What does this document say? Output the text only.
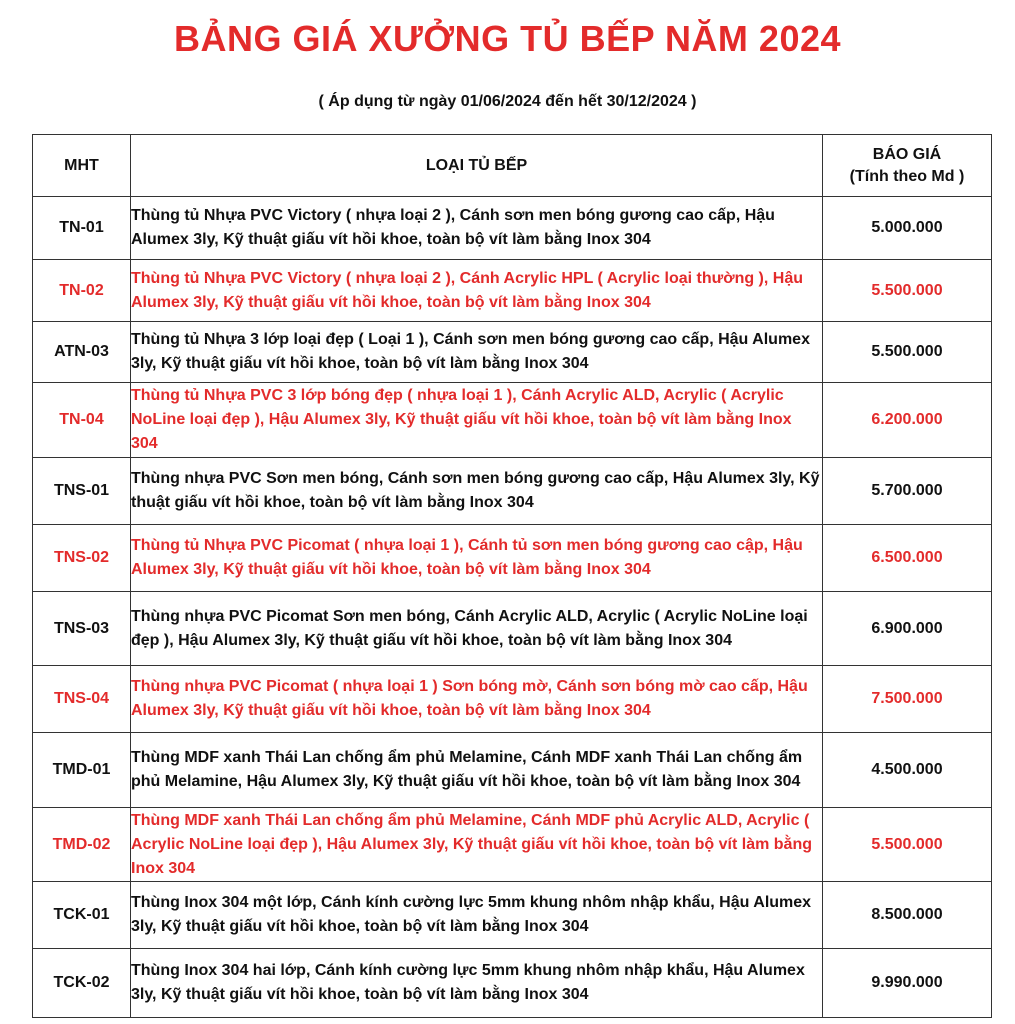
BẢNG GIÁ XƯỞNG TỦ BẾP NĂM 2024
( Áp dụng từ ngày 01/06/2024 đến hết 30/12/2024 )
MHT	LOẠI TỦ BẾP	BÁO GIÁ
(Tính theo Md )

TN-01	Thùng tủ Nhựa PVC Victory ( nhựa loại 2 ), Cánh sơn men bóng gương cao cấp, Hậu Alumex 3ly, Kỹ thuật giấu vít hồi khoe, toàn bộ vít làm bằng Inox 304	5.000.000
TN-02	Thùng tủ Nhựa PVC Victory ( nhựa loại 2 ), Cánh Acrylic HPL ( Acrylic loại thường ), Hậu Alumex 3ly, Kỹ thuật giấu vít hồi khoe, toàn bộ vít làm bằng Inox 304	5.500.000
ATN-03	Thùng tủ Nhựa 3 lớp loại đẹp ( Loại 1 ), Cánh sơn men bóng gương cao cấp, Hậu Alumex 3ly, Kỹ thuật giấu vít hồi khoe, toàn bộ vít làm bằng Inox 304	5.500.000
TN-04	Thùng tủ Nhựa PVC 3 lớp bóng đẹp ( nhựa loại 1 ), Cánh Acrylic ALD, Acrylic ( Acrylic NoLine loại đẹp ), Hậu Alumex 3ly, Kỹ thuật giấu vít hồi khoe, toàn bộ vít làm bằng Inox 304	6.200.000
TNS-01	Thùng nhựa PVC Sơn men bóng, Cánh sơn men bóng gương cao cấp, Hậu Alumex 3ly, Kỹ thuật giấu vít hồi khoe, toàn bộ vít làm bằng Inox 304	5.700.000
TNS-02	Thùng tủ Nhựa PVC Picomat ( nhựa loại 1 ), Cánh tủ sơn men bóng gương cao cập, Hậu Alumex 3ly, Kỹ thuật giấu vít hồi khoe, toàn bộ vít làm bằng Inox 304	6.500.000
TNS-03	Thùng nhựa PVC Picomat Sơn men bóng, Cánh Acrylic ALD, Acrylic ( Acrylic NoLine loại đẹp ), Hậu Alumex 3ly, Kỹ thuật giấu vít hồi khoe, toàn bộ vít làm bằng Inox 304	6.900.000
TNS-04	Thùng nhựa PVC Picomat ( nhựa loại 1 ) Sơn bóng mờ, Cánh sơn bóng mờ cao cấp, Hậu Alumex 3ly, Kỹ thuật giấu vít hồi khoe, toàn bộ vít làm bằng Inox 304	7.500.000
TMD-01	Thùng MDF xanh Thái Lan chống ẩm phủ Melamine, Cánh MDF xanh Thái Lan chống ẩm phủ Melamine, Hậu Alumex 3ly, Kỹ thuật giấu vít hồi khoe, toàn bộ vít làm bằng Inox 304	4.500.000
TMD-02	Thùng MDF xanh Thái Lan chống ẩm phủ Melamine, Cánh MDF phủ Acrylic ALD, Acrylic ( Acrylic NoLine loại đẹp ), Hậu Alumex 3ly, Kỹ thuật giấu vít hồi khoe, toàn bộ vít làm bằng Inox 304	5.500.000
TCK-01	Thùng Inox 304 một lớp, Cánh kính cường lực 5mm khung nhôm nhập khẩu, Hậu Alumex 3ly, Kỹ thuật giấu vít hồi khoe, toàn bộ vít làm bằng Inox 304	8.500.000
TCK-02	Thùng Inox 304 hai lớp, Cánh kính cường lực 5mm khung nhôm nhập khẩu, Hậu Alumex 3ly, Kỹ thuật giấu vít hồi khoe, toàn bộ vít làm bằng Inox 304	9.990.000
